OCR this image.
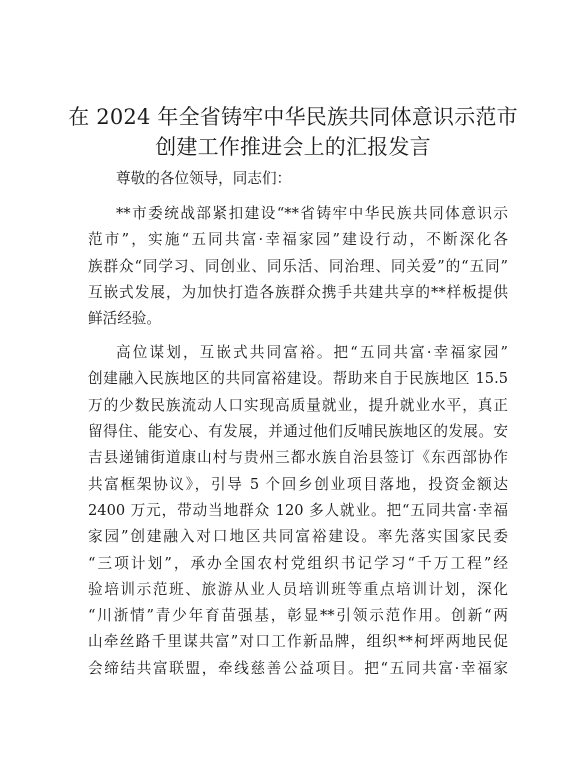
在 2024 年全省铸牢中华民族共同体意识示范市
创建工作推进会上的汇报发言
尊敬的各位领导，同志们：
**市委统战部紧扣建设“**省铸牢中华民族共同体意识示
范市”，实施“五同共富·幸福家园”建设行动，不断深化各
族群众“同学习、同创业、同乐活、同治理、同关爱”的“五同”
互嵌式发展，为加快打造各族群众携手共建共享的**样板提供
鲜活经验。
高位谋划，互嵌式共同富裕。把“五同共富·幸福家园”
创建融入民族地区的共同富裕建设。帮助来自于民族地区 15.5
万的少数民族流动人口实现高质量就业，提升就业水平，真正
留得住、能安心、有发展，并通过他们反哺民族地区的发展。安
吉县递铺街道康山村与贵州三都水族自治县签订《东西部协作
共富框架协议》，引导 5 个回乡创业项目落地，投资金额达
2400 万元，带动当地群众 120 多人就业。把“五同共富·幸福
家园”创建融入对口地区共同富裕建设。率先落实国家民委
“三项计划”，承办全国农村党组织书记学习“千万工程”经
验培训示范班、旅游从业人员培训班等重点培训计划，深化
“川浙情”青少年育苗强基，彰显**引领示范作用。创新“两
山牵丝路千里谋共富”对口工作新品牌，组织**柯坪两地民促
会缔结共富联盟，牵线慈善公益项目。把“五同共富·幸福家
